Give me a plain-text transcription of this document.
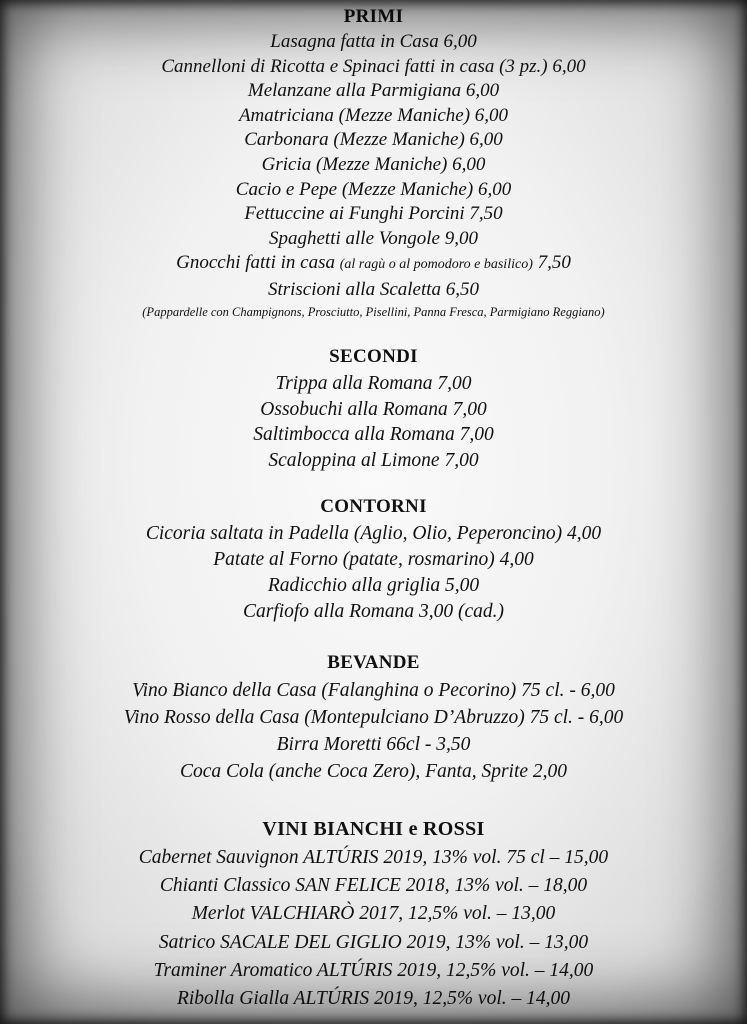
PRIMI
Lasagna fatta in Casa 6,00
Cannelloni di Ricotta e Spinaci fatti in casa (3 pz.) 6,00
Melanzane alla Parmigiana 6,00
Amatriciana (Mezze Maniche) 6,00
Carbonara (Mezze Maniche) 6,00
Gricia (Mezze Maniche) 6,00
Cacio e Pepe (Mezze Maniche) 6,00
Fettuccine ai Funghi Porcini 7,50
Spaghetti alle Vongole 9,00
Gnocchi fatti in casa (al ragù o al pomodoro e basilico) 7,50
Striscioni alla Scaletta 6,50
(Pappardelle con Champignons, Prosciutto, Pisellini, Panna Fresca, Parmigiano Reggiano)
SECONDI
Trippa alla Romana 7,00
Ossobuchi alla Romana 7,00
Saltimbocca alla Romana 7,00
Scaloppina al Limone 7,00
CONTORNI
Cicoria saltata in Padella (Aglio, Olio, Peperoncino) 4,00
Patate al Forno (patate, rosmarino) 4,00
Radicchio alla griglia 5,00
Carfiofo alla Romana 3,00 (cad.)
BEVANDE
Vino Bianco della Casa (Falanghina o Pecorino) 75 cl. - 6,00
Vino Rosso della Casa (Montepulciano D’Abruzzo) 75 cl. - 6,00
Birra Moretti 66cl - 3,50
Coca Cola (anche Coca Zero), Fanta, Sprite 2,00
VINI BIANCHI e ROSSI
Cabernet Sauvignon ALTÚRIS 2019, 13% vol. 75 cl – 15,00
Chianti Classico SAN FELICE 2018, 13% vol. – 18,00
Merlot VALCHIARÒ 2017, 12,5% vol. – 13,00
Satrico SACALE DEL GIGLIO 2019, 13% vol. – 13,00
Traminer Aromatico ALTÚRIS 2019, 12,5% vol. – 14,00
Ribolla Gialla ALTÚRIS 2019, 12,5% vol. – 14,00
